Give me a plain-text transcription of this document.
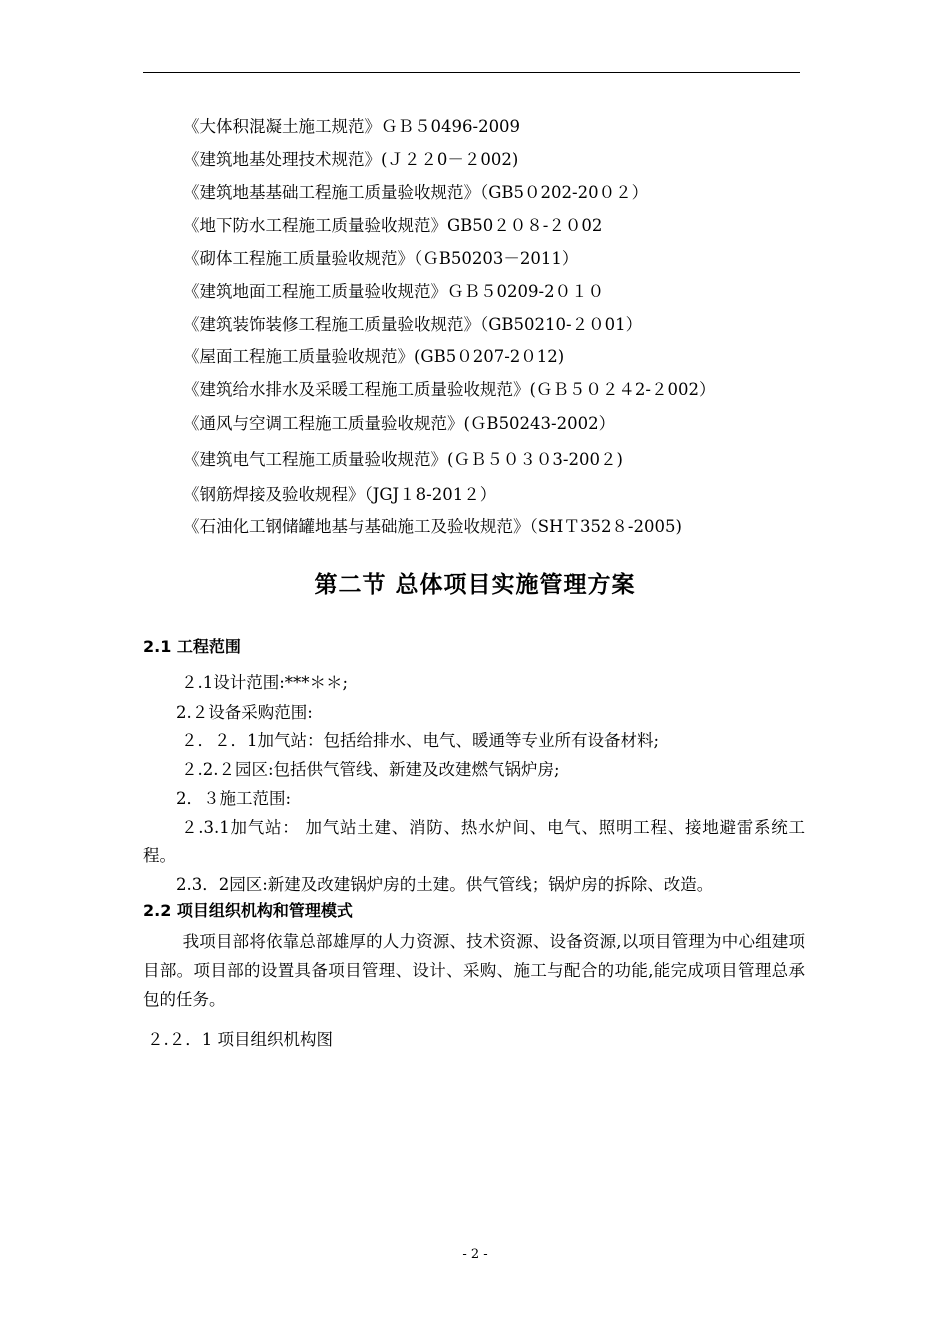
《大体积混凝土施工规范》ＧＢ５0496-2009
《建筑地基处理技术规范》(Ｊ２２0－２002)
《建筑地基基础工程施工质量验收规范》（GB5０202-20０２）
《地下防水工程施工质量验收规范》GB50２０８-２０02
《砌体工程施工质量验收规范》（ＧB50203－2011）
《建筑地面工程施工质量验收规范》ＧＢ５0209-2０１０
《建筑装饰装修工程施工质量验收规范》（GB50210-２０01）
《屋面工程施工质量验收规范》(GB5０207-2０12)
《建筑给水排水及采暖工程施工质量验收规范》(ＧＢ５０２４2-２002）
《通风与空调工程施工质量验收规范》(ＧB50243-2002）
《建筑电气工程施工质量验收规范》(ＧＢ５０３０3-200２)
《钢筋焊接及验收规程》（JGJ１8-201２）
《石油化工钢储罐地基与基础施工及验收规范》（SHＴ352８-2005)
第二节 总体项目实施管理方案
2.1 工程范围
２.1设计范围:***＊＊;
2.２设备采购范围:
２．２．1加气站：包括给排水、电气、暖通等专业所有设备材料;
２.2.２园区:包括供气管线、新建及改建燃气锅炉房;
2．３施工范围:
２.3.1加气站： 加气站土建、消防、热水炉间、电气、照明工程、接地避雷系统工程。
2.3．2园区:新建及改建锅炉房的土建。供气管线；锅炉房的拆除、改造。
2.2 项目组织机构和管理模式
我项目部将依靠总部雄厚的人力资源、技术资源、设备资源,以项目管理为中心组建项目部。项目部的设置具备项目管理、设计、采购、施工与配合的功能,能完成项目管理总承包的任务。
２.２．1 项目组织机构图
- 2 -
